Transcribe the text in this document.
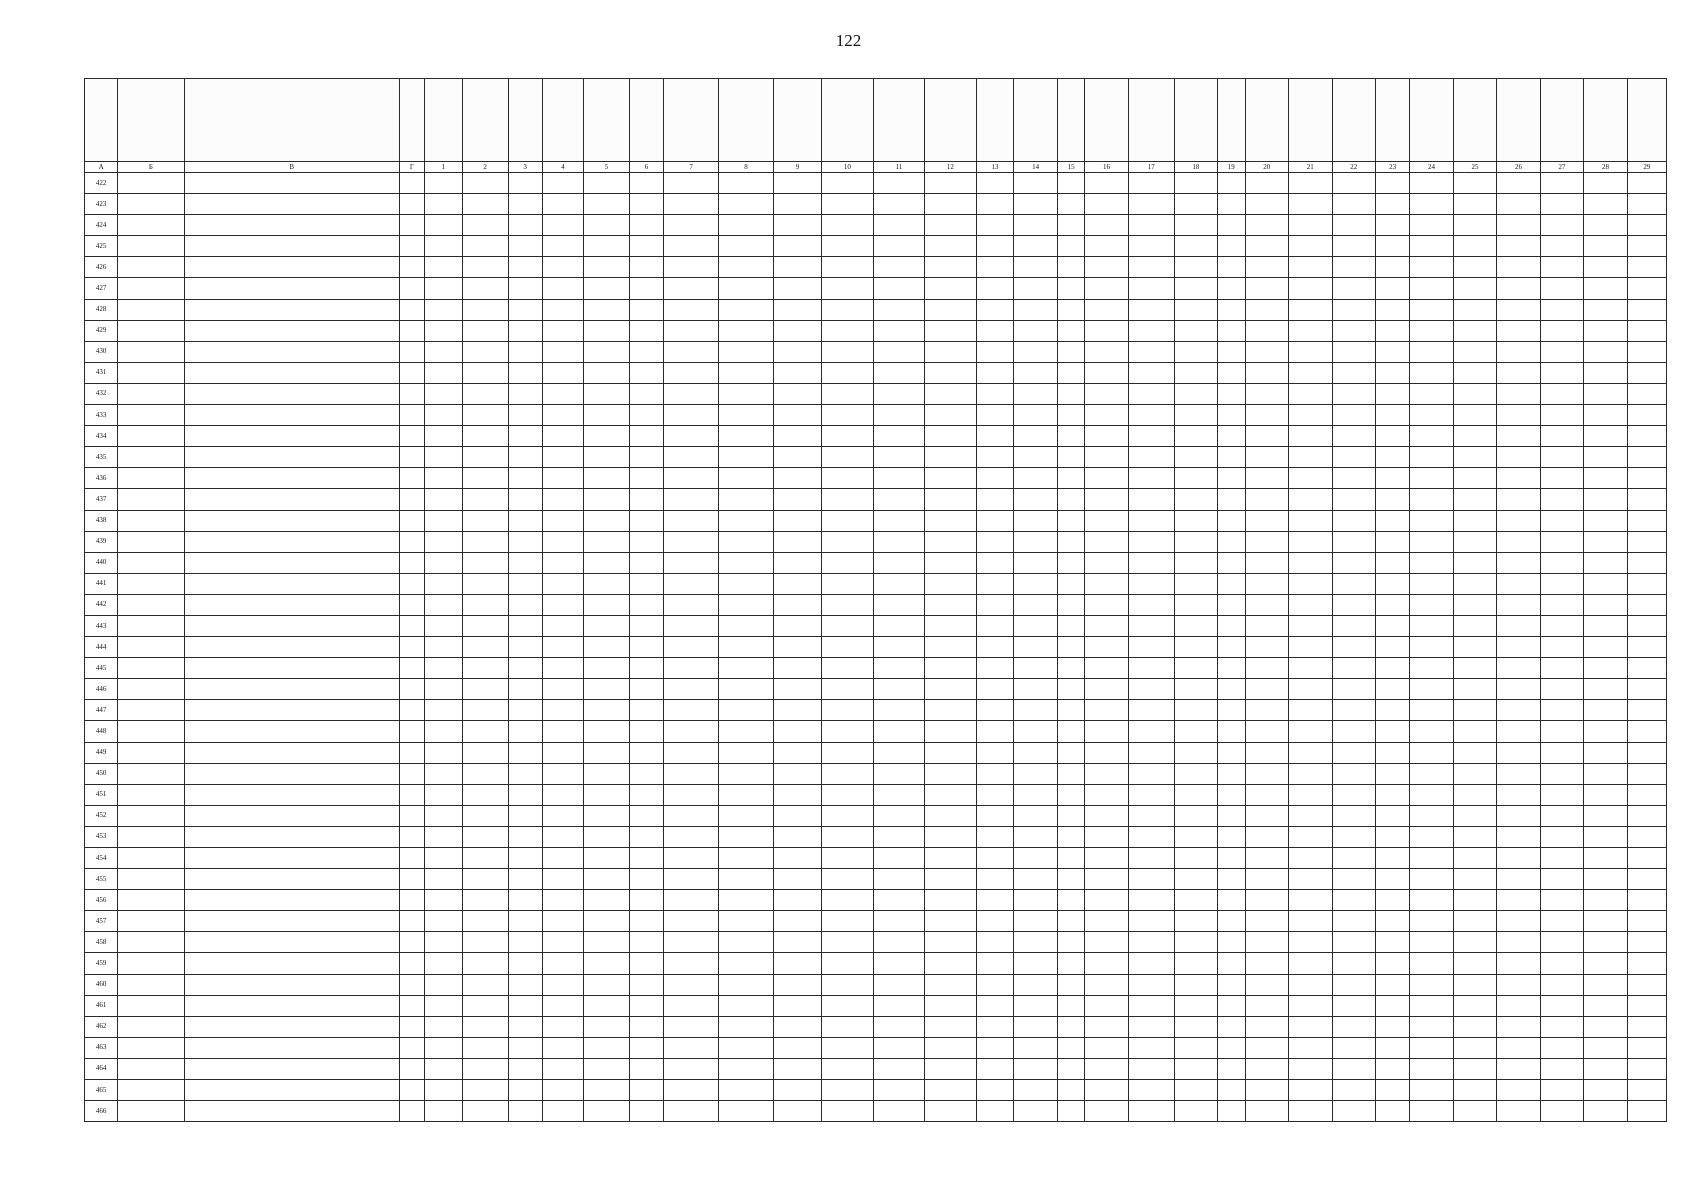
122

А	Б	В	Г	1	2	3	4	5	6	7	8	9	10	11	12	13	14	15	16	17	18	19	20	21	22	23	24	25	26	27	28	29
422																																
423																																
424																																
425																																
426																																
427																																
428																																
429																																
430																																
431																																
432																																
433																																
434																																
435																																
436																																
437																																
438																																
439																																
440																																
441																																
442																																
443																																
444																																
445																																
446																																
447																																
448																																
449																																
450																																
451																																
452																																
453																																
454																																
455																																
456																																
457																																
458																																
459																																
460																																
461																																
462																																
463																																
464																																
465																																
466																																
